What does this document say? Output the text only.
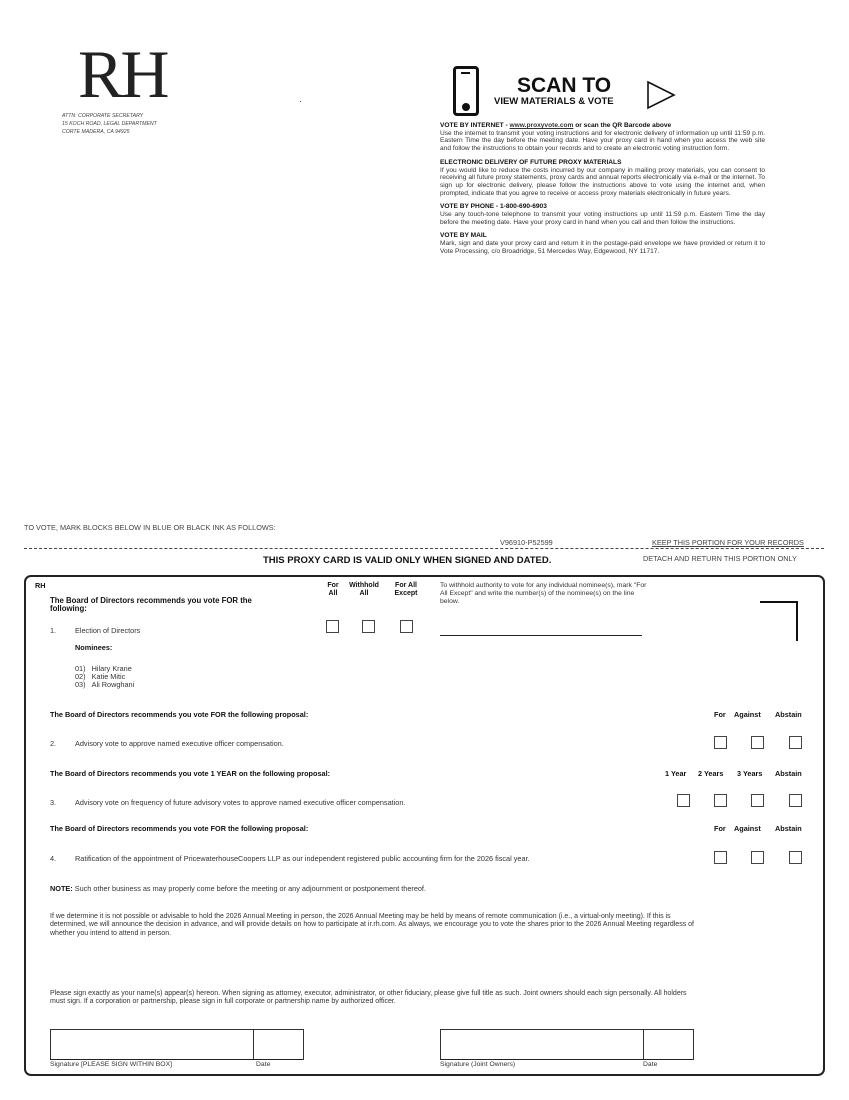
RH
ATTN: CORPORATE SECRETARY
15 KOCH ROAD, LEGAL DEPARTMENT
CORTE MADERA, CA 94925
SCAN TO
VIEW MATERIALS & VOTE

VOTE BY INTERNET - www.proxyvote.com or scan the QR Barcode above
Use the internet to transmit your voting instructions and for electronic delivery of information up until 11:59 p.m. Eastern Time the day before the meeting date. Have your proxy card in hand when you access the web site and follow the instructions to obtain your records and to create an electronic voting instruction form.

ELECTRONIC DELIVERY OF FUTURE PROXY MATERIALS
If you would like to reduce the costs incurred by our company in mailing proxy materials, you can consent to receiving all future proxy statements, proxy cards and annual reports electronically via e-mail or the internet. To sign up for electronic delivery, please follow the instructions above to vote using the internet and, when prompted, indicate that you agree to receive or access proxy materials electronically in future years.

VOTE BY PHONE - 1-800-690-6903
Use any touch-tone telephone to transmit your voting instructions up until 11:59 p.m. Eastern Time the day before the meeting date. Have your proxy card in hand when you call and then follow the instructions.

VOTE BY MAIL
Mark, sign and date your proxy card and return it in the postage-paid envelope we have provided or return it to Vote Processing, c/o Broadridge, 51 Mercedes Way, Edgewood, NY 11717.

TO VOTE, MARK BLOCKS BELOW IN BLUE OR BLACK INK AS FOLLOWS:
V96910-P52599	KEEP THIS PORTION FOR YOUR RECORDS
THIS PROXY CARD IS VALID ONLY WHEN SIGNED AND DATED.	DETACH AND RETURN THIS PORTION ONLY
RH
The Board of Directors recommends you vote FOR the
following:
For
All
Withhold
All
For All
Except
To withhold authority to vote for any individual nominee(s), mark "For All Except" and write the number(s) of the nominee(s) on the line below.
1.	Election of Directors
Nominees:
01) Hilary Krane
02) Katie Mitic
03) Ali Rowghani
The Board of Directors recommends you vote FOR the following proposal:	For Against Abstain
2.	Advisory vote to approve named executive officer compensation.
The Board of Directors recommends you vote 1 YEAR on the following proposal:	1 Year 2 Years 3 Years Abstain
3.	Advisory vote on frequency of future advisory votes to approve named executive officer compensation.
The Board of Directors recommends you vote FOR the following proposal:	For Against Abstain
4.	Ratification of the appointment of PricewaterhouseCoopers LLP as our independent registered public accounting firm for the 2026 fiscal year.
NOTE: Such other business as may properly come before the meeting or any adjournment or postponement thereof.
If we determine it is not possible or advisable to hold the 2026 Annual Meeting in person, the 2026 Annual Meeting may be held by means of remote communication (i.e., a virtual-only meeting). If this is determined, we will announce the decision in advance, and will provide details on how to participate at ir.rh.com. As always, we encourage you to vote the shares prior to the 2026 Annual Meeting regardless of whether you intend to attend in person.
Please sign exactly as your name(s) appear(s) hereon. When signing as attorney, executor, administrator, or other fiduciary, please give full title as such. Joint owners should each sign personally. All holders must sign. If a corporation or partnership, please sign in full corporate or partnership name by authorized officer.
Signature [PLEASE SIGN WITHIN BOX]	Date	Signature (Joint Owners)	Date
